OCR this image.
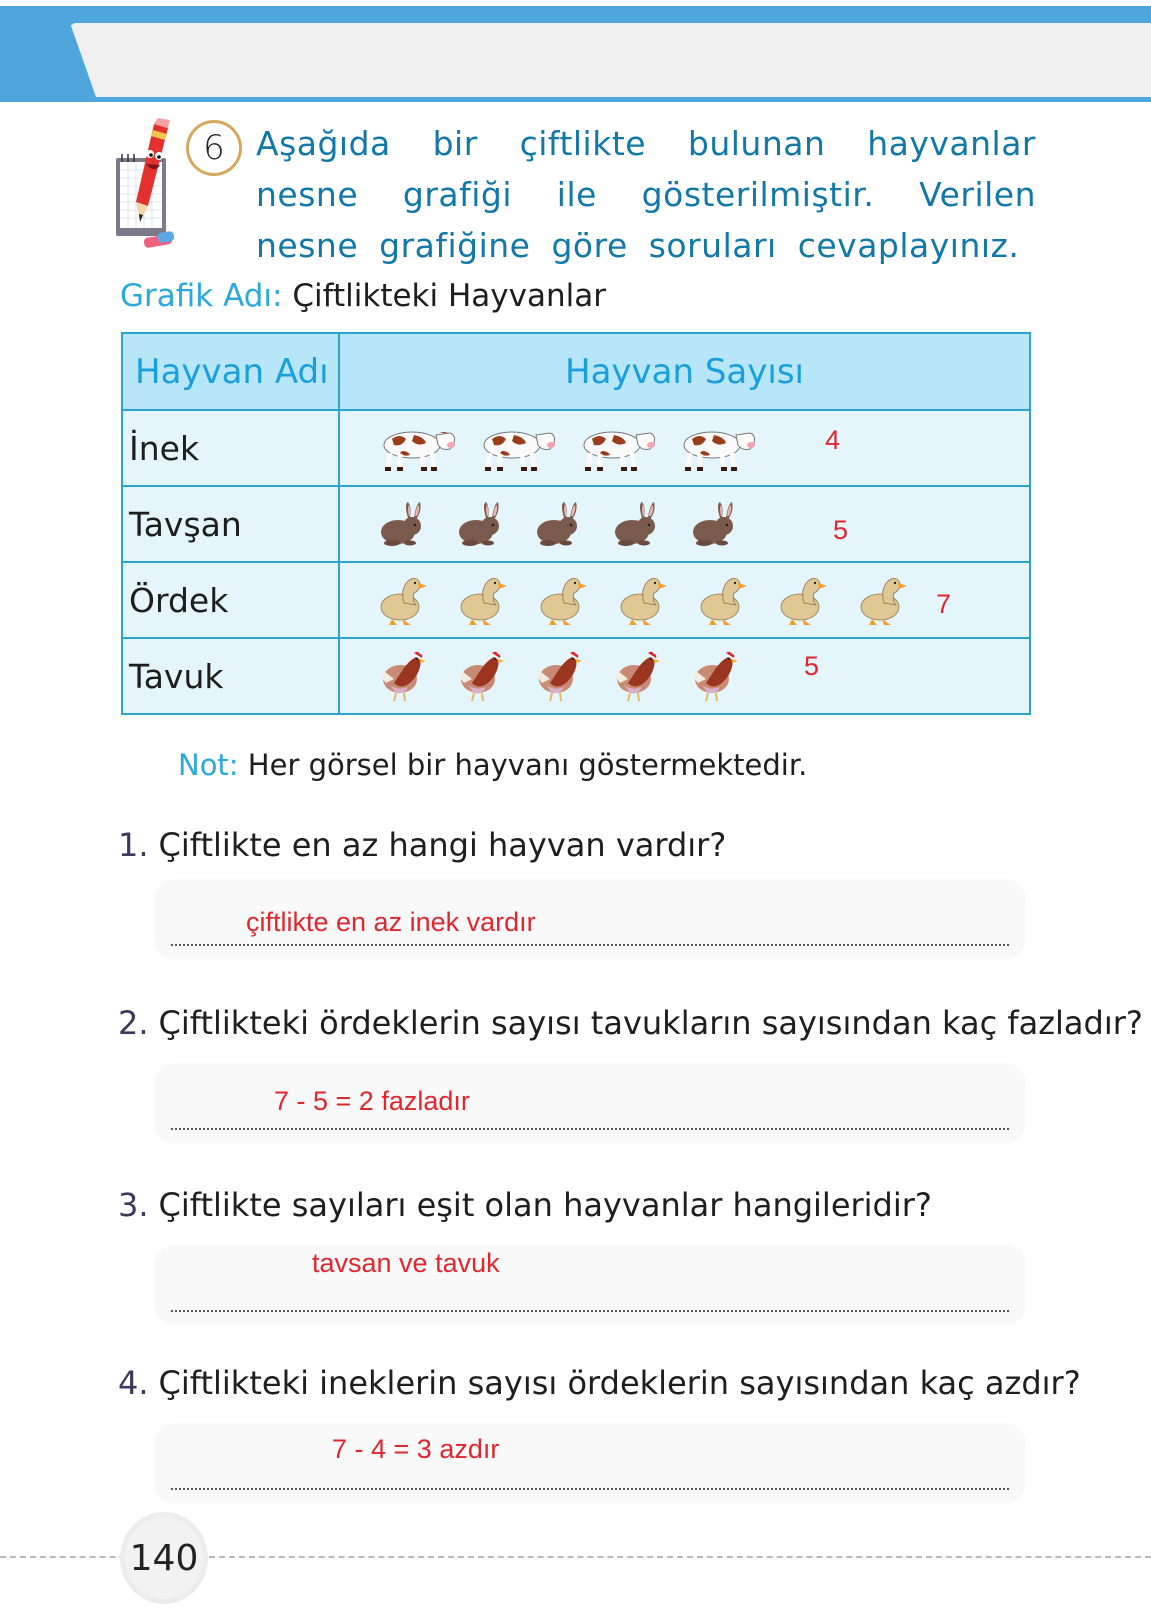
6 Aşağıda bir çiftlikte bulunan hayvanlar nesne grafiği ile gösterilmiştir. Verilen nesne grafiğine göre soruları cevaplayınız.
Grafik Adı: Çiftlikteki Hayvanlar
Hayvan Adı	Hayvan Sayısı
İnek	4

Tavşan	5

Ördek	7

Tavuk	5
Not: Her görsel bir hayvanı göstermektedir.
1. Çiftlikte en az hangi hayvan vardır?
çiftlikte en az inek vardır
2. Çiftlikteki ördeklerin sayısı tavukların sayısından kaç fazladır?
7 - 5 = 2 fazladır
3. Çiftlikte sayıları eşit olan hayvanlar hangileridir?
tavsan ve tavuk
4. Çiftlikteki ineklerin sayısı ördeklerin sayısından kaç azdır?
7 - 4 = 3 azdır
140
